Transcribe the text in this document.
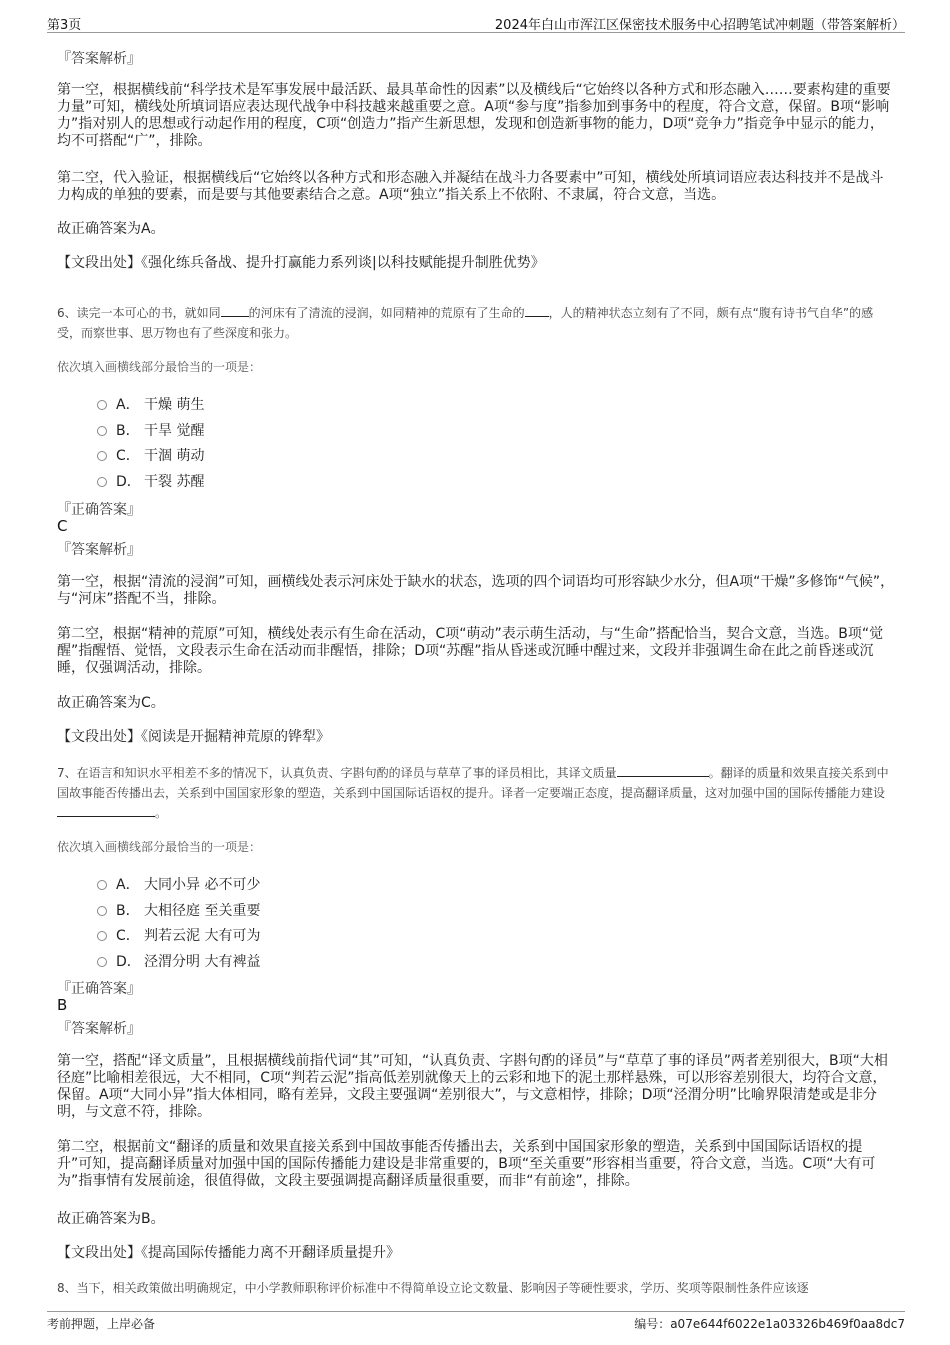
第3页	2024年白山市浑江区保密技术服务中心招聘笔试冲刺题（带答案解析）
『答案解析』

第一空，根据横线前“科学技术是军事发展中最活跃、最具革命性的因素”以及横线后“它始终以各种方式和形态融入……要素构建的重要力量”可知，横线处所填词语应表达现代战争中科技越来越重要之意。A项“参与度”指参加到事务中的程度，符合文意，保留。B项“影响力”指对别人的思想或行动起作用的程度，C项“创造力”指产生新思想，发现和创造新事物的能力，D项“竞争力”指竞争中显示的能力，均不可搭配“广”，排除。

第二空，代入验证，根据横线后“它始终以各种方式和形态融入并凝结在战斗力各要素中”可知，横线处所填词语应表达科技并不是战斗力构成的单独的要素，而是要与其他要素结合之意。A项“独立”指关系上不依附、不隶属，符合文意，当选。

故正确答案为A。

【文段出处】《强化练兵备战、提升打赢能力系列谈|以科技赋能提升制胜优势》

6、读完一本可心的书，就如同 的河床有了清流的浸润，如同精神的荒原有了生命的 ，人的精神状态立刻有了不同，颇有点“腹有诗书气自华”的感受，而察世事、思万物也有了些深度和张力。

依次填入画横线部分最恰当的一项是：
A． 干燥 萌生
B． 干旱 觉醒
C． 干涸 萌动
D． 干裂 苏醒
『正确答案』
C
『答案解析』

第一空，根据“清流的浸润”可知，画横线处表示河床处于缺水的状态，选项的四个词语均可形容缺少水分，但A项“干燥”多修饰“气候”，与“河床”搭配不当，排除。

第二空，根据“精神的荒原”可知，横线处表示有生命在活动，C项“萌动”表示萌生活动，与“生命”搭配恰当，契合文意，当选。B项“觉醒”指醒悟、觉悟，文段表示生命在活动而非醒悟，排除；D项“苏醒”指从昏迷或沉睡中醒过来，文段并非强调生命在此之前昏迷或沉睡，仅强调活动，排除。

故正确答案为C。

【文段出处】《阅读是开掘精神荒原的铧犁》

7、在语言和知识水平相差不多的情况下，认真负责、字斟句酌的译员与草草了事的译员相比，其译文质量	。翻译的质量和效果直接关系到中国故事能否传播出去，关系到中国国家形象的塑造，关系到中国国际话语权的提升。译者一定要端正态度，提高翻译质量，这对加强中国的国际传播能力建设。

依次填入画横线部分最恰当的一项是：
A． 大同小异 必不可少
B． 大相径庭 至关重要
C． 判若云泥 大有可为
D． 泾渭分明 大有裨益
『正确答案』
B
『答案解析』

第一空，搭配“译文质量”，且根据横线前指代词“其”可知，“认真负责、字斟句酌的译员”与“草草了事的译员”两者差别很大，B项“大相径庭”比喻相差很远，大不相同，C项“判若云泥”指高低差别就像天上的云彩和地下的泥土那样悬殊，可以形容差别很大，均符合文意，保留。A项“大同小异”指大体相同，略有差异，文段主要强调“差别很大”，与文意相悖，排除；D项“泾渭分明”比喻界限清楚或是非分明，与文意不符，排除。

第二空，根据前文“翻译的质量和效果直接关系到中国故事能否传播出去，关系到中国国家形象的塑造，关系到中国国际话语权的提升”可知，提高翻译质量对加强中国的国际传播能力建设是非常重要的，B项“至关重要”形容相当重要，符合文意，当选。C项“大有可为”指事情有发展前途，很值得做，文段主要强调提高翻译质量很重要，而非“有前途”，排除。

故正确答案为B。

【文段出处】《提高国际传播能力离不开翻译质量提升》

8、当下，相关政策做出明确规定，中小学教师职称评价标准中不得简单设立论文数量、影响因子等硬性要求，学历、奖项等限制性条件应该逐

考前押题，上岸必备	编号：a07e644f6022e1a03326b469f0aa8dc7
